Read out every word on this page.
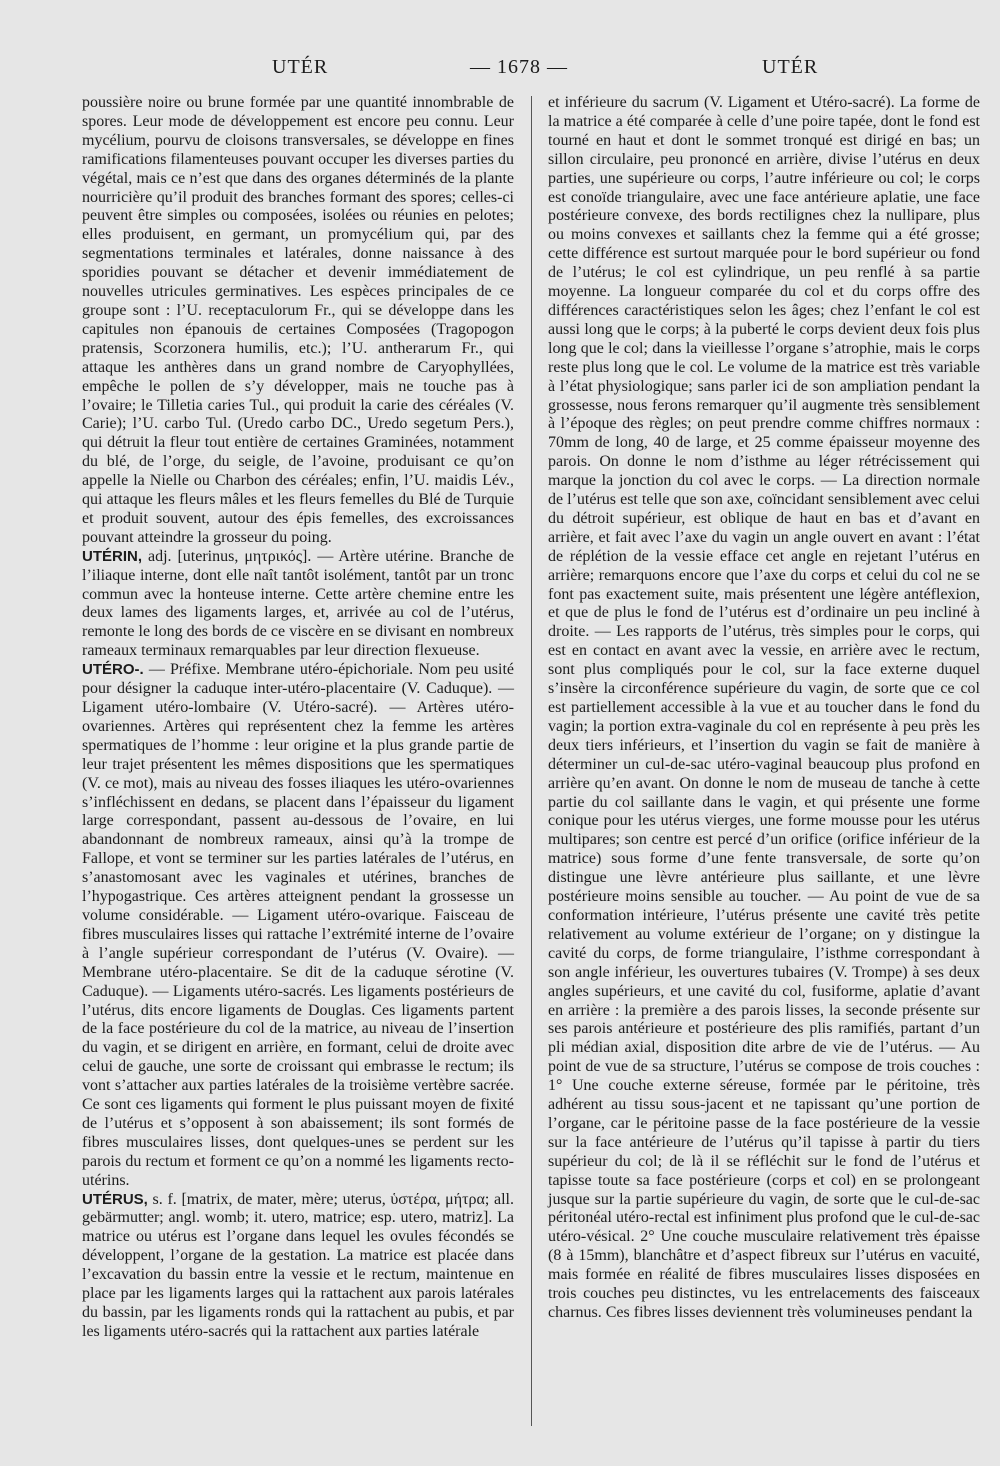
UTÉR	— 1678 —	UTÉR

poussière noire ou brune formée par une quantité innombrable de spores. Leur mode de développement est encore peu connu. Leur mycélium, pourvu de cloisons transversales, se développe en fines ramifications filamenteuses pouvant occuper les diverses parties du végétal, mais ce n’est que dans des organes déterminés de la plante nourricière qu’il produit des branches formant des spores; celles-ci peuvent être simples ou composées, isolées ou réunies en pelotes; elles produisent, en germant, un promycélium qui, par des segmentations terminales et latérales, donne naissance à des sporidies pouvant se détacher et devenir immédiatement de nouvelles utricules germinatives. Les espèces principales de ce groupe sont : l’U. receptaculorum Fr., qui se développe dans les capitules non épanouis de certaines Composées (Tragopogon pratensis, Scorzonera humilis, etc.); l’U. antherarum Fr., qui attaque les anthères dans un grand nombre de Caryophyllées, empêche le pollen de s’y développer, mais ne touche pas à l’ovaire; le Tilletia caries Tul., qui produit la carie des céréales (V. Carie); l’U. carbo Tul. (Uredo carbo DC., Uredo segetum Pers.), qui détruit la fleur tout entière de certaines Graminées, notamment du blé, de l’orge, du seigle, de l’avoine, produisant ce qu’on appelle la Nielle ou Charbon des céréales; enfin, l’U. maidis Lév., qui attaque les fleurs mâles et les fleurs femelles du Blé de Turquie et produit souvent, autour des épis femelles, des excroissances pouvant atteindre la grosseur du poing.

UTÉRIN, adj. [uterinus, μητρικός]. — Artère utérine. Branche de l’iliaque interne, dont elle naît tantôt isolément, tantôt par un tronc commun avec la honteuse interne. Cette artère chemine entre les deux lames des ligaments larges, et, arrivée au col de l’utérus, remonte le long des bords de ce viscère en se divisant en nombreux rameaux terminaux remarquables par leur direction flexueuse.

UTÉRO-. — Préfixe. Membrane utéro-épichoriale. Nom peu usité pour désigner la caduque inter-utéro-placentaire (V. Caduque). — Ligament utéro-lombaire (V. Utéro-sacré). — Artères utéro-ovariennes. Artères qui représentent chez la femme les artères spermatiques de l’homme : leur origine et la plus grande partie de leur trajet présentent les mêmes dispositions que les spermatiques (V. ce mot), mais au niveau des fosses iliaques les utéro-ovariennes s’infléchissent en dedans, se placent dans l’épaisseur du ligament large correspondant, passent au-dessous de l’ovaire, en lui abandonnant de nombreux rameaux, ainsi qu’à la trompe de Fallope, et vont se terminer sur les parties latérales de l’utérus, en s’anastomosant avec les vaginales et utérines, branches de l’hypogastrique. Ces artères atteignent pendant la grossesse un volume considérable. — Ligament utéro-ovarique. Faisceau de fibres musculaires lisses qui rattache l’extrémité interne de l’ovaire à l’angle supérieur correspondant de l’utérus (V. Ovaire). — Membrane utéro-placentaire. Se dit de la caduque sérotine (V. Caduque). — Ligaments utéro-sacrés. Les ligaments postérieurs de l’utérus, dits encore ligaments de Douglas. Ces ligaments partent de la face postérieure du col de la matrice, au niveau de l’insertion du vagin, et se dirigent en arrière, en formant, celui de droite avec celui de gauche, une sorte de croissant qui embrasse le rectum; ils vont s’attacher aux parties latérales de la troisième vertèbre sacrée. Ce sont ces ligaments qui forment le plus puissant moyen de fixité de l’utérus et s’opposent à son abaissement; ils sont formés de fibres musculaires lisses, dont quelques-unes se perdent sur les parois du rectum et forment ce qu’on a nommé les ligaments recto-utérins.

UTÉRUS, s. f. [matrix, de mater, mère; uterus, ὑστέρα, μήτρα; all. gebärmutter; angl. womb; it. utero, matrice; esp. utero, matriz]. La matrice ou utérus est l’organe dans lequel les ovules fécondés se développent, l’organe de la gestation. La matrice est placée dans l’excavation du bassin entre la vessie et le rectum, maintenue en place par les ligaments larges qui la rattachent aux parois latérales du bassin, par les ligaments ronds qui la rattachent au pubis, et par les ligaments utéro-sacrés qui la rattachent aux parties latérale

et inférieure du sacrum (V. Ligament et Utéro-sacré). La forme de la matrice a été comparée à celle d’une poire tapée, dont le fond est tourné en haut et dont le sommet tronqué est dirigé en bas; un sillon circulaire, peu prononcé en arrière, divise l’utérus en deux parties, une supérieure ou corps, l’autre inférieure ou col; le corps est conoïde triangulaire, avec une face antérieure aplatie, une face postérieure convexe, des bords rectilignes chez la nullipare, plus ou moins convexes et saillants chez la femme qui a été grosse; cette différence est surtout marquée pour le bord supérieur ou fond de l’utérus; le col est cylindrique, un peu renflé à sa partie moyenne. La longueur comparée du col et du corps offre des différences caractéristiques selon les âges; chez l’enfant le col est aussi long que le corps; à la puberté le corps devient deux fois plus long que le col; dans la vieillesse l’organe s’atrophie, mais le corps reste plus long que le col. Le volume de la matrice est très variable à l’état physiologique; sans parler ici de son ampliation pendant la grossesse, nous ferons remarquer qu’il augmente très sensiblement à l’époque des règles; on peut prendre comme chiffres normaux : 70mm de long, 40 de large, et 25 comme épaisseur moyenne des parois. On donne le nom d’isthme au léger rétrécissement qui marque la jonction du col avec le corps. — La direction normale de l’utérus est telle que son axe, coïncidant sensiblement avec celui du détroit supérieur, est oblique de haut en bas et d’avant en arrière, et fait avec l’axe du vagin un angle ouvert en avant : l’état de réplétion de la vessie efface cet angle en rejetant l’utérus en arrière; remarquons encore que l’axe du corps et celui du col ne se font pas exactement suite, mais présentent une légère antéflexion, et que de plus le fond de l’utérus est d’ordinaire un peu incliné à droite. — Les rapports de l’utérus, très simples pour le corps, qui est en contact en avant avec la vessie, en arrière avec le rectum, sont plus compliqués pour le col, sur la face externe duquel s’insère la circonférence supérieure du vagin, de sorte que ce col est partiellement accessible à la vue et au toucher dans le fond du vagin; la portion extra-vaginale du col en représente à peu près les deux tiers inférieurs, et l’insertion du vagin se fait de manière à déterminer un cul-de-sac utéro-vaginal beaucoup plus profond en arrière qu’en avant. On donne le nom de museau de tanche à cette partie du col saillante dans le vagin, et qui présente une forme conique pour les utérus vierges, une forme mousse pour les utérus multipares; son centre est percé d’un orifice (orifice inférieur de la matrice) sous forme d’une fente transversale, de sorte qu’on distingue une lèvre antérieure plus saillante, et une lèvre postérieure moins sensible au toucher. — Au point de vue de sa conformation intérieure, l’utérus présente une cavité très petite relativement au volume extérieur de l’organe; on y distingue la cavité du corps, de forme triangulaire, l’isthme correspondant à son angle inférieur, les ouvertures tubaires (V. Trompe) à ses deux angles supérieurs, et une cavité du col, fusiforme, aplatie d’avant en arrière : la première a des parois lisses, la seconde présente sur ses parois antérieure et postérieure des plis ramifiés, partant d’un pli médian axial, disposition dite arbre de vie de l’utérus. — Au point de vue de sa structure, l’utérus se compose de trois couches : 1° Une couche externe séreuse, formée par le péritoine, très adhérent au tissu sous-jacent et ne tapissant qu’une portion de l’organe, car le péritoine passe de la face postérieure de la vessie sur la face antérieure de l’utérus qu’il tapisse à partir du tiers supérieur du col; de là il se réfléchit sur le fond de l’utérus et tapisse toute sa face postérieure (corps et col) en se prolongeant jusque sur la partie supérieure du vagin, de sorte que le cul-de-sac péritonéal utéro-rectal est infiniment plus profond que le cul-de-sac utéro-vésical. 2° Une couche musculaire relativement très épaisse (8 à 15mm), blanchâtre et d’aspect fibreux sur l’utérus en vacuité, mais formée en réalité de fibres musculaires lisses disposées en trois couches peu distinctes, vu les entrelacements des faisceaux charnus. Ces fibres lisses deviennent très volumineuses pendant la
